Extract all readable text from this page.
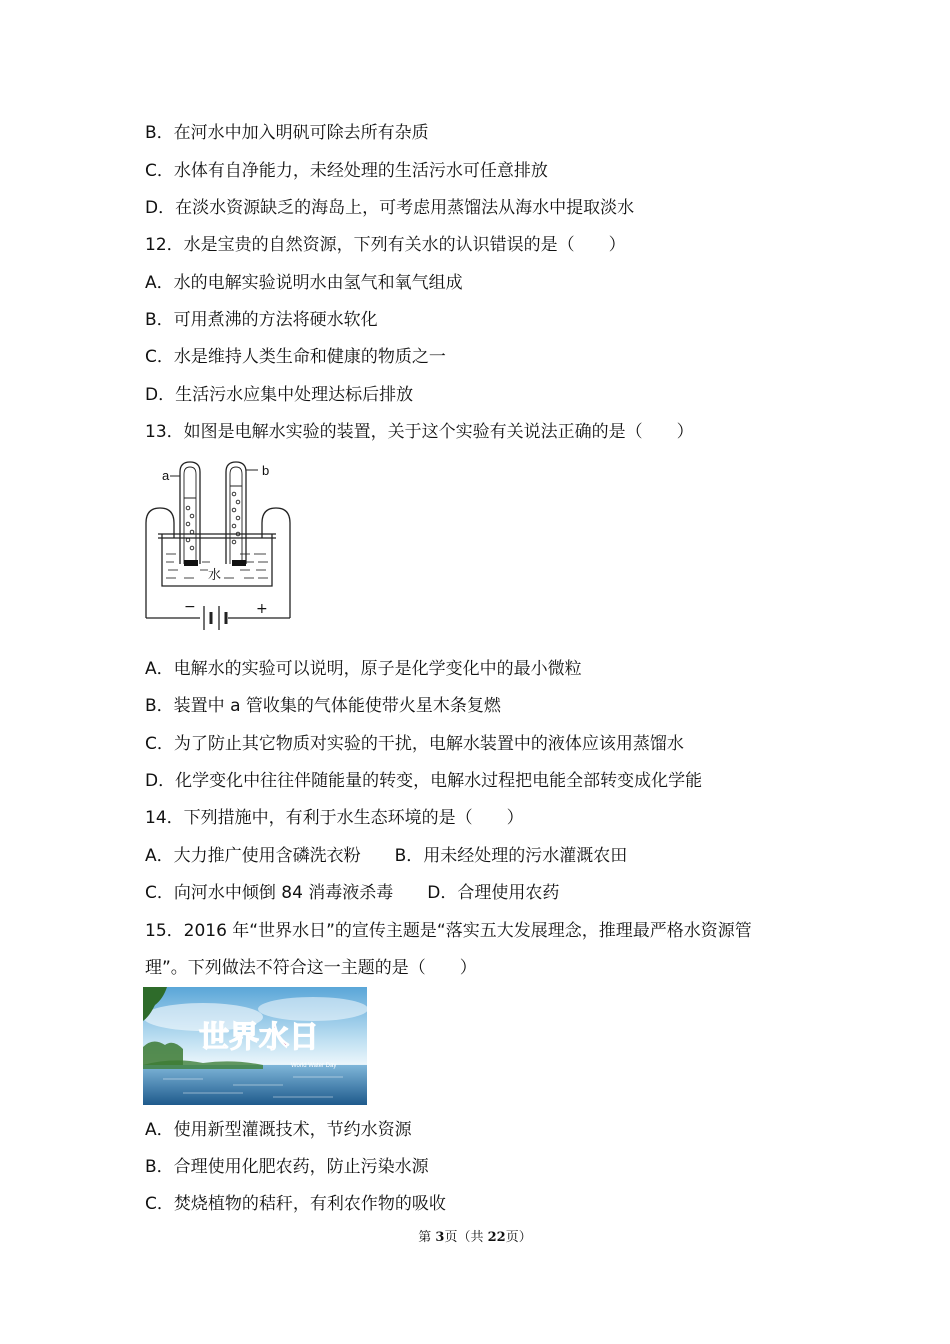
B．在河水中加入明矾可除去所有杂质
C．水体有自净能力，未经处理的生活污水可任意排放
D．在淡水资源缺乏的海岛上，可考虑用蒸馏法从海水中提取淡水
12．水是宝贵的自然资源，下列有关水的认识错误的是（　　）
A．水的电解实验说明水由氢气和氧气组成
B．可用煮沸的方法将硬水软化
C．水是维持人类生命和健康的物质之一
D．生活污水应集中处理达标后排放
13．如图是电解水实验的装置，关于这个实验有关说法正确的是（　　）
a	b
水
−	+
A．电解水的实验可以说明，原子是化学变化中的最小微粒
B．装置中 a 管收集的气体能使带火星木条复燃
C．为了防止其它物质对实验的干扰，电解水装置中的液体应该用蒸馏水
D．化学变化中往往伴随能量的转变，电解水过程把电能全部转变成化学能
14．下列措施中，有利于水生态环境的是（　　）
A．大力推广使用含磷洗衣粉　　B．用未经处理的污水灌溉农田
C．向河水中倾倒 84 消毒液杀毒　　D．合理使用农药
15．2016 年“世界水日”的宣传主题是“落实五大发展理念，推理最严格水资源管
理”。下列做法不符合这一主题的是（　　）
世界水日
World Water Day
A．使用新型灌溉技术，节约水资源
B．合理使用化肥农药，防止污染水源
C．焚烧植物的秸秆，有利农作物的吸收
第 3页（共 22页）
